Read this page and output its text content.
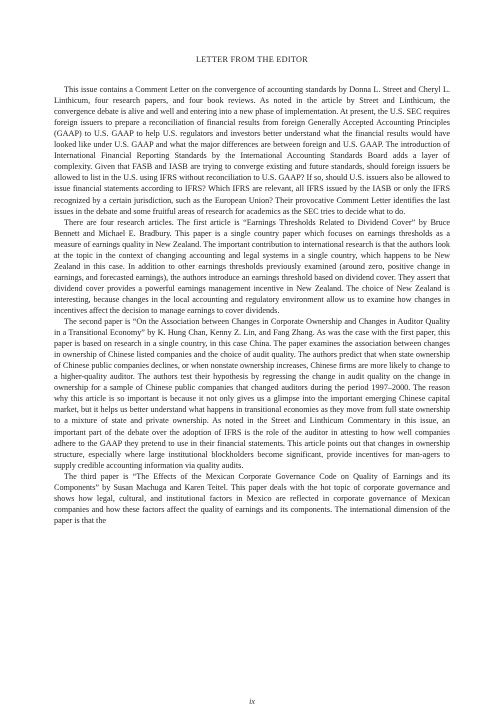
LETTER FROM THE EDITOR

This issue contains a Comment Letter on the convergence of accounting standards by Donna L. Street and Cheryl L. Linthicum, four research papers, and four book reviews. As noted in the article by Street and Linthicum, the convergence debate is alive and well and entering into a new phase of implementation. At present, the U.S. SEC requires foreign issuers to prepare a reconciliation of financial results from foreign Generally Accepted Accounting Principles (GAAP) to U.S. GAAP to help U.S. regulators and investors better understand what the financial results would have looked like under U.S. GAAP and what the major differences are between foreign and U.S. GAAP. The introduction of International Financial Reporting Standards by the International Accounting Standards Board adds a layer of complexity. Given that FASB and IASB are trying to converge existing and future standards, should foreign issuers be allowed to list in the U.S. using IFRS without reconciliation to U.S. GAAP? If so, should U.S. issuers also be allowed to issue financial statements according to IFRS? Which IFRS are relevant, all IFRS issued by the IASB or only the IFRS recognized by a certain jurisdiction, such as the European Union? Their provocative Comment Letter identifies the last issues in the debate and some fruitful areas of research for academics as the SEC tries to decide what to do.

There are four research articles. The first article is “Earnings Thresholds Related to Dividend Cover” by Bruce Bennett and Michael E. Bradbury. This paper is a single country paper which focuses on earnings thresholds as a measure of earnings quality in New Zealand. The important contribution to international research is that the authors look at the topic in the context of changing accounting and legal systems in a single country, which happens to be New Zealand in this case. In addition to other earnings thresholds previously examined (around zero, positive change in earnings, and forecasted earnings), the authors introduce an earnings threshold based on dividend cover. They assert that dividend cover provides a powerful earnings management incentive in New Zealand. The choice of New Zealand is interesting, because changes in the local accounting and regulatory environment allow us to examine how changes in incentives affect the decision to manage earnings to cover dividends.

The second paper is “On the Association between Changes in Corporate Ownership and Changes in Auditor Quality in a Transitional Economy” by K. Hung Chan, Kenny Z. Lin, and Fang Zhang. As was the case with the first paper, this paper is based on research in a single country, in this case China. The paper examines the association between changes in ownership of Chinese listed companies and the choice of audit quality. The authors predict that when state ownership of Chinese public companies declines, or when nonstate ownership increases, Chinese firms are more likely to change to a higher-quality auditor. The authors test their hypothesis by regressing the change in audit quality on the change in ownership for a sample of Chinese public companies that changed auditors during the period 1997–2000. The reason why this article is so important is because it not only gives us a glimpse into the important emerging Chinese capital market, but it helps us better understand what happens in transitional economies as they move from full state ownership to a mixture of state and private ownership. As noted in the Street and Linthicum Commentary in this issue, an important part of the debate over the adoption of IFRS is the role of the auditor in attesting to how well companies adhere to the GAAP they pretend to use in their financial statements. This article points out that changes in ownership structure, especially where large institutional blockholders become significant, provide incentives for man-agers to supply credible accounting information via quality audits.

The third paper is “The Effects of the Mexican Corporate Governance Code on Quality of Earnings and its Components” by Susan Machuga and Karen Teitel. This paper deals with the hot topic of corporate governance and shows how legal, cultural, and institutional factors in Mexico are reflected in corporate governance of Mexican companies and how these factors affect the quality of earnings and its components. The international dimension of the paper is that the

ix
